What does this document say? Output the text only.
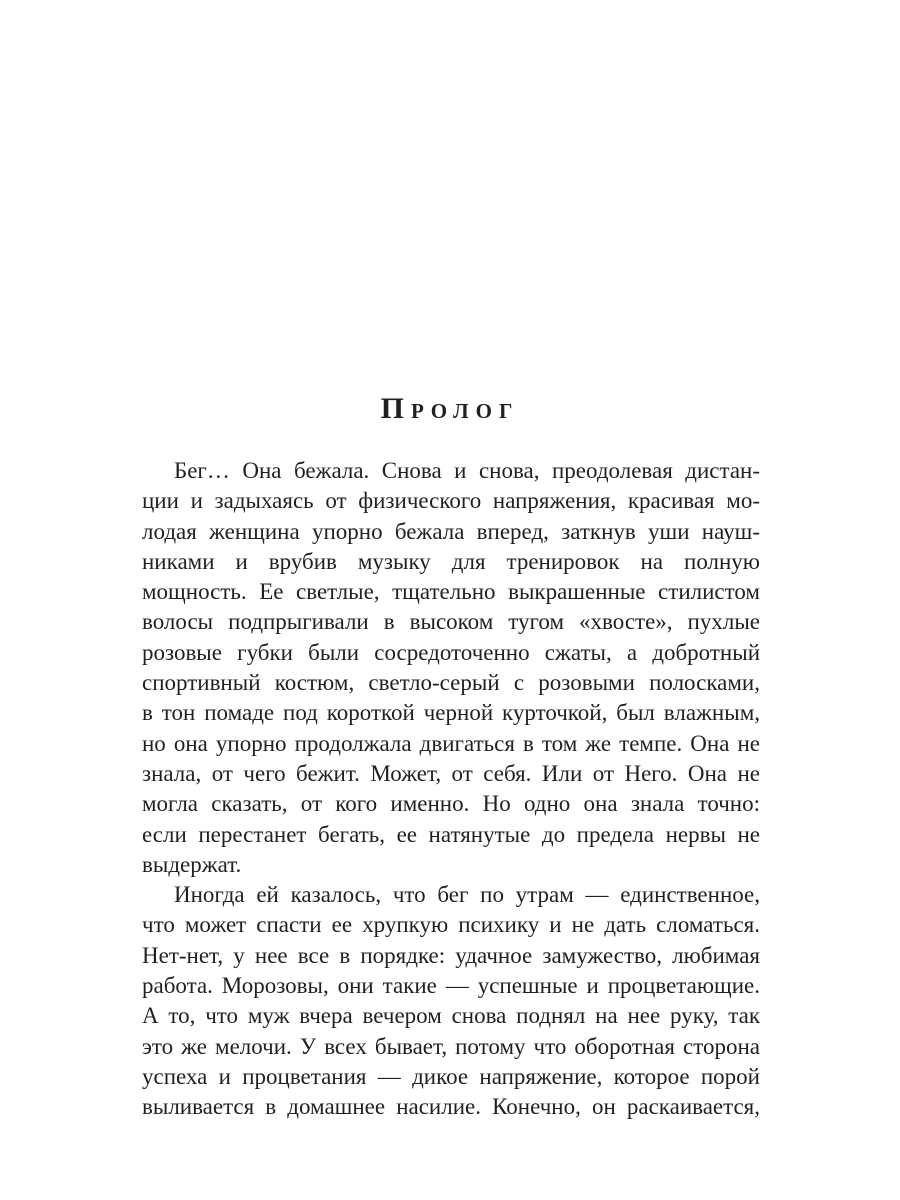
Пролог

Бег… Она бежала. Снова и снова, преодолевая дистан-
ции и задыхаясь от физического напряжения, красивая мо-
лодая женщина упорно бежала вперед, заткнув уши науш-
никами и врубив музыку для тренировок на полную
мощность. Ее светлые, тщательно выкрашенные стилистом
волосы подпрыгивали в высоком тугом «хвосте», пухлые
розовые губки были сосредоточенно сжаты, а добротный
спортивный костюм, светло-серый с розовыми полосками,
в тон помаде под короткой черной курточкой, был влажным,
но она упорно продолжала двигаться в том же темпе. Она не
знала, от чего бежит. Может, от себя. Или от Него. Она не
могла сказать, от кого именно. Но одно она знала точно:
если перестанет бегать, ее натянутые до предела нервы не
выдержат.

Иногда ей казалось, что бег по утрам — единственное,
что может спасти ее хрупкую психику и не дать сломаться.
Нет-нет, у нее все в порядке: удачное замужество, любимая
работа. Морозовы, они такие — успешные и процветающие.
А то, что муж вчера вечером снова поднял на нее руку, так
это же мелочи. У всех бывает, потому что оборотная сторона
успеха и процветания — дикое напряжение, которое порой
выливается в домашнее насилие. Конечно, он раскаивается,
